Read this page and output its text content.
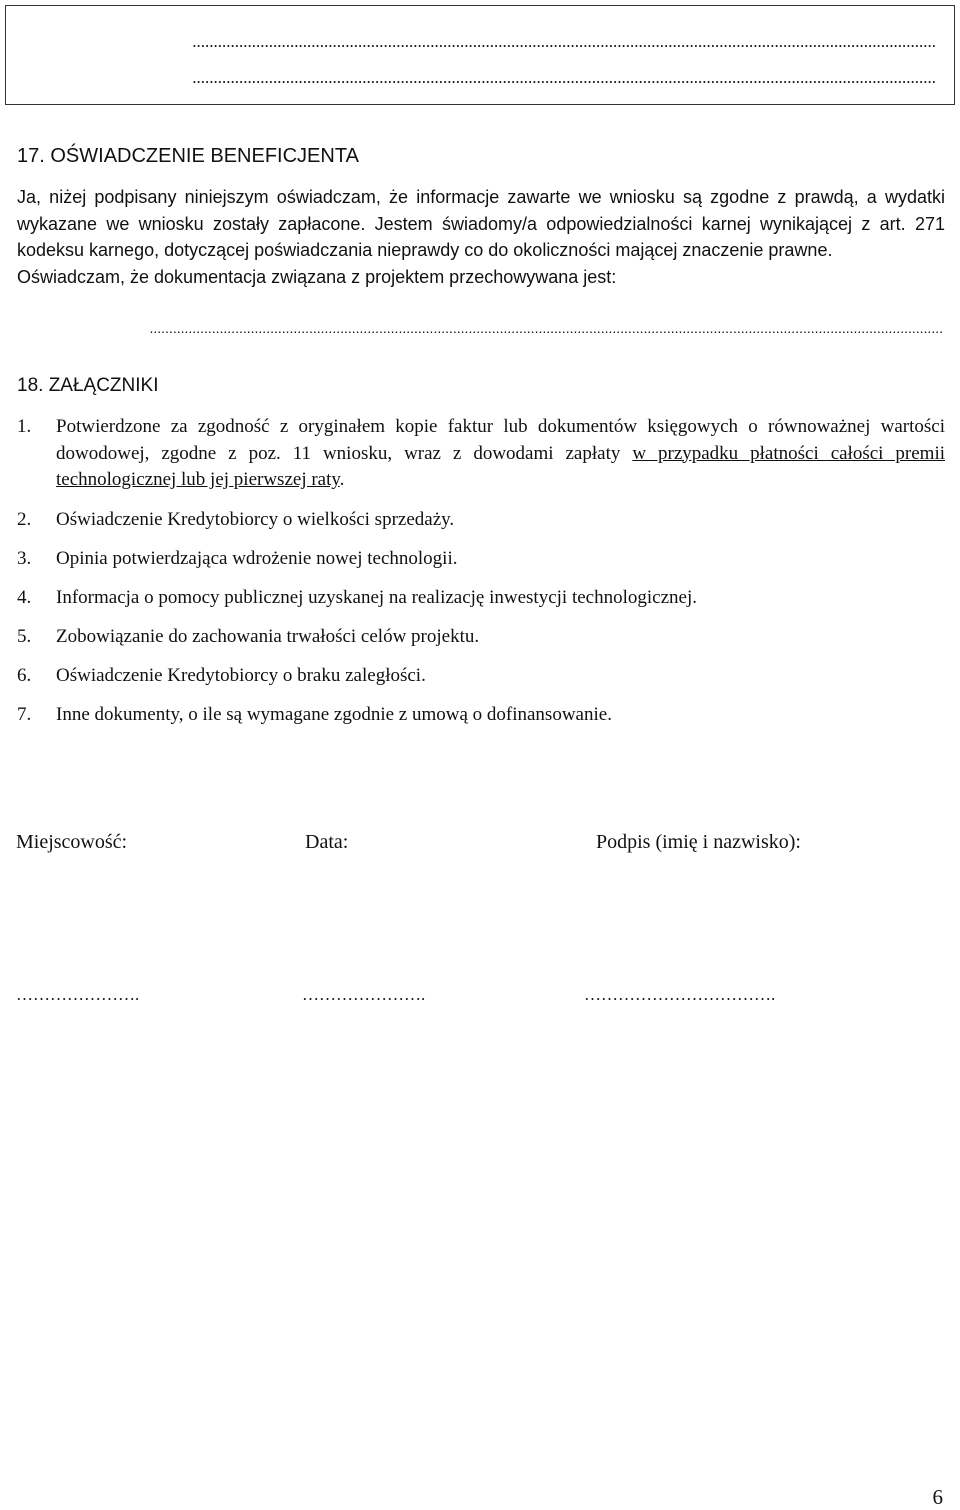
...............................................................................................................................................................................
...............................................................................................................................................................................
17. OŚWIADCZENIE BENEFICJENTA

Ja, niżej podpisany niniejszym oświadczam, że informacje zawarte we wniosku są zgodne z prawdą, a wydatki wykazane we wniosku zostały zapłacone. Jestem świadomy/a odpowiedzialności karnej wynikającej z art. 271 kodeksu karnego, dotyczącej poświadczania nieprawdy co do okoliczności mającej znaczenie prawne.

Oświadczam, że dokumentacja związana z projektem przechowywana jest:

............................................................................................................................................................................................................
18. ZAŁĄCZNIKI
1. Potwierdzone za zgodność z oryginałem kopie faktur lub dokumentów księgowych o równoważnej wartości dowodowej, zgodne z poz. 11 wniosku, wraz z dowodami zapłaty w przypadku płatności całości premii technologicznej lub jej pierwszej raty.
2. Oświadczenie Kredytobiorcy o wielkości sprzedaży.
3. Opinia potwierdzająca wdrożenie nowej technologii.
4. Informacja o pomocy publicznej uzyskanej na realizację inwestycji technologicznej.
5. Zobowiązanie do zachowania trwałości celów projektu.
6. Oświadczenie Kredytobiorcy o braku zaległości.
7. Inne dokumenty, o ile są wymagane zgodnie z umową o dofinansowanie.
Miejscowość:	Data:	Podpis (imię i nazwisko):
………………….	………………….	…………………………….
6
